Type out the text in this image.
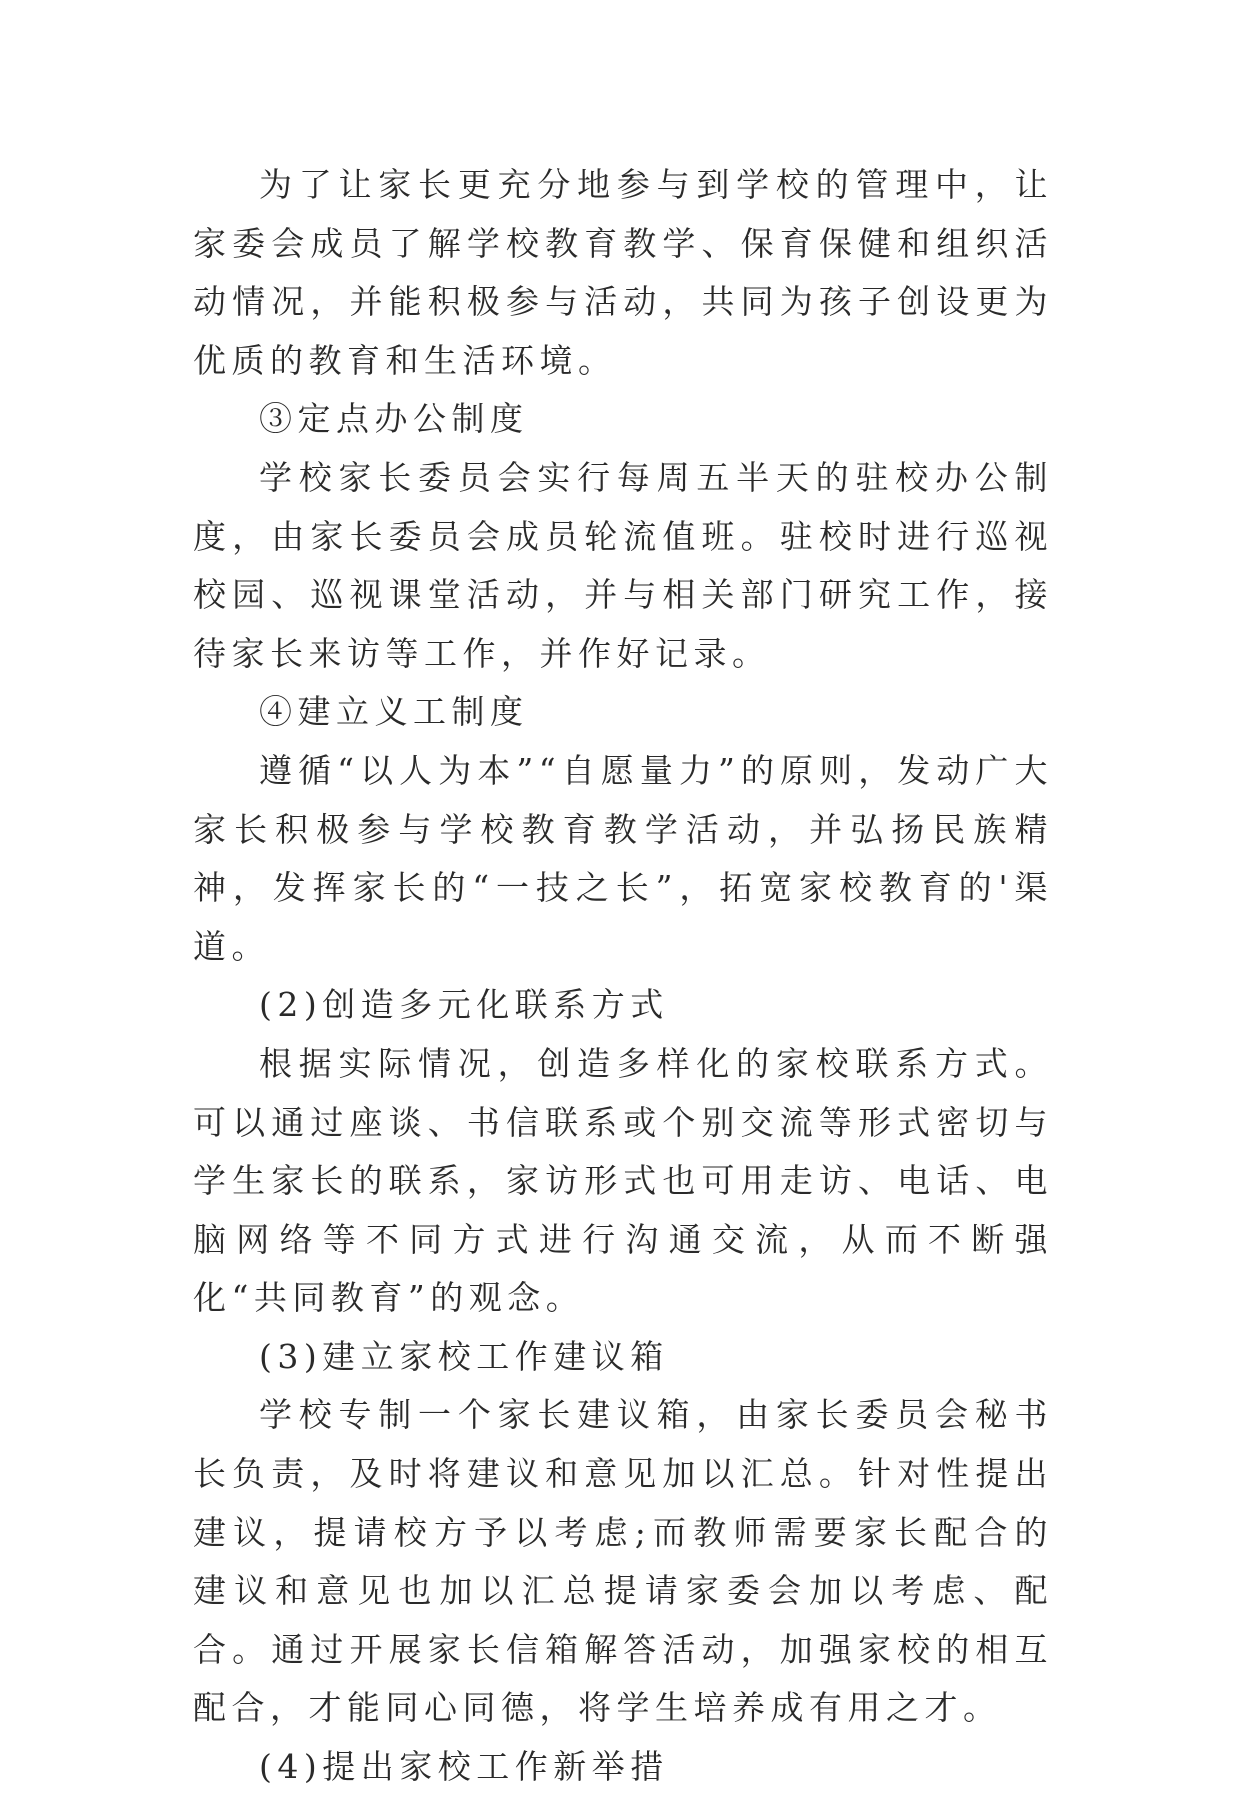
为了让家长更充分地参与到学校的管理中，让家委会成员了解学校教育教学、保育保健和组织活动情况，并能积极参与活动，共同为孩子创设更为优质的教育和生活环境。

③定点办公制度

学校家长委员会实行每周五半天的驻校办公制度，由家长委员会成员轮流值班。驻校时进行巡视校园、巡视课堂活动，并与相关部门研究工作，接待家长来访等工作，并作好记录。

④建立义工制度

遵循“以人为本”“自愿量力”的原则，发动广大家长积极参与学校教育教学活动，并弘扬民族精神，发挥家长的“一技之长”，拓宽家校教育的'渠道。

(2)创造多元化联系方式

根据实际情况，创造多样化的家校联系方式。可以通过座谈、书信联系或个别交流等形式密切与学生家长的联系，家访形式也可用走访、电话、电脑网络等不同方式进行沟通交流，从而不断强化“共同教育”的观念。

(3)建立家校工作建议箱

学校专制一个家长建议箱，由家长委员会秘书长负责，及时将建议和意见加以汇总。针对性提出建议，提请校方予以考虑;而教师需要家长配合的建议和意见也加以汇总提请家委会加以考虑、配合。通过开展家长信箱解答活动，加强家校的相互配合，才能同心同德，将学生培养成有用之才。

(4)提出家校工作新举措
